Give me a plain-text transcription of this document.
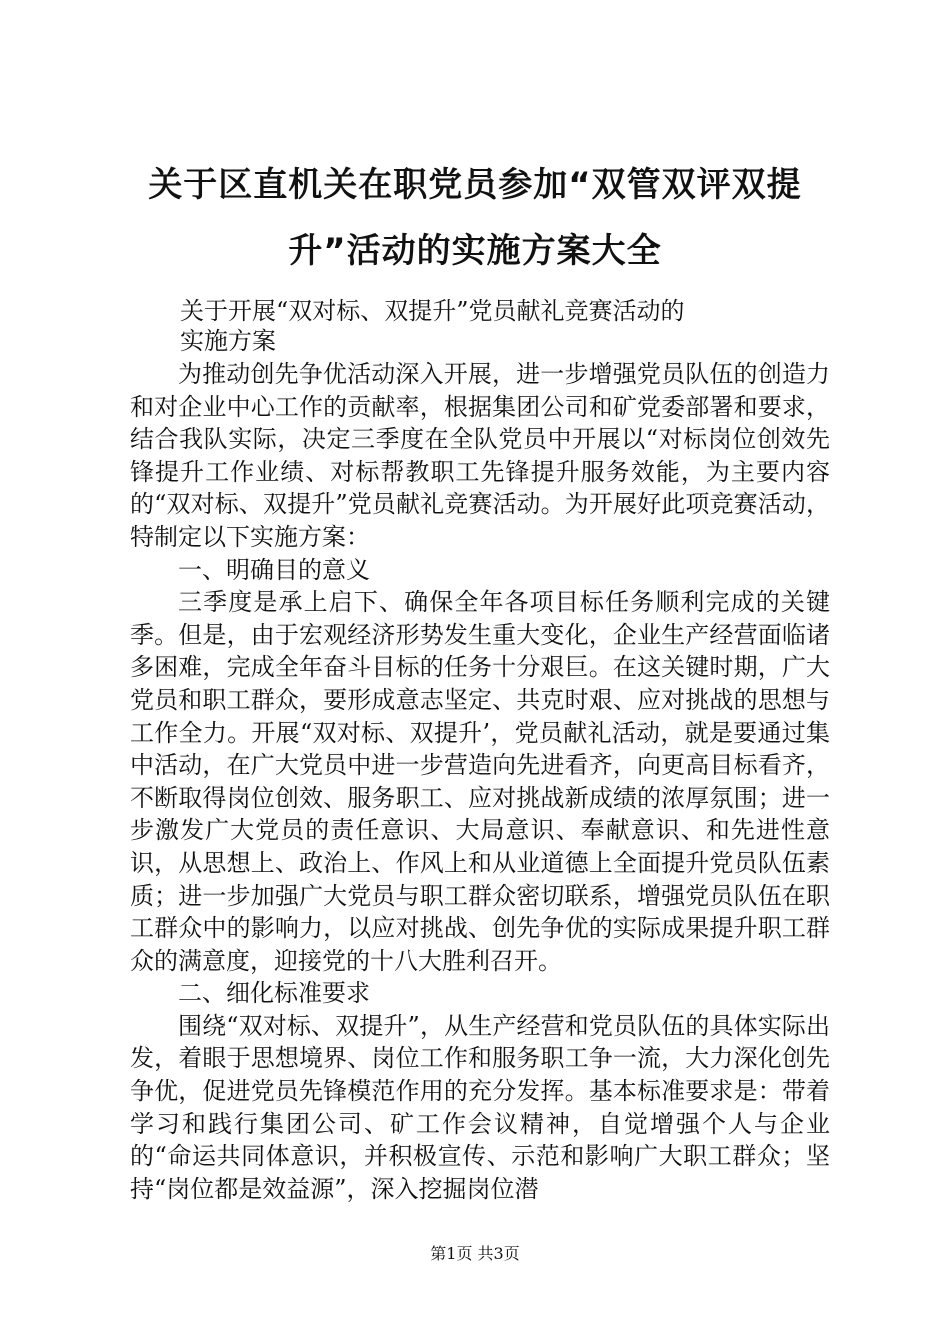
关于区直机关在职党员参加“双管双评双提
升”活动的实施方案大全
关于开展“双对标、双提升”党员献礼竞赛活动的
实施方案

为推动创先争优活动深入开展，进一步增强党员队伍的创造力和对企业中心工作的贡献率，根据集团公司和矿党委部署和要求，结合我队实际，决定三季度在全队党员中开展以“对标岗位创效先锋提升工作业绩、对标帮教职工先锋提升服务效能，为主要内容的“双对标、双提升”党员献礼竞赛活动。为开展好此项竞赛活动，特制定以下实施方案：

一、明确目的意义

三季度是承上启下、确保全年各项目标任务顺利完成的关键季。但是，由于宏观经济形势发生重大变化，企业生产经营面临诸多困难，完成全年奋斗目标的任务十分艰巨。在这关键时期，广大党员和职工群众，要形成意志坚定、共克时艰、应对挑战的思想与工作全力。开展“双对标、双提升’，党员献礼活动，就是要通过集中活动，在广大党员中进一步营造向先进看齐，向更高目标看齐，不断取得岗位创效、服务职工、应对挑战新成绩的浓厚氛围；进一步激发广大党员的责任意识、大局意识、奉献意识、和先进性意识，从思想上、政治上、作风上和从业道德上全面提升党员队伍素质；进一步加强广大党员与职工群众密切联系，增强党员队伍在职工群众中的影响力，以应对挑战、创先争优的实际成果提升职工群众的满意度，迎接党的十八大胜利召开。

二、细化标准要求

围绕“双对标、双提升”，从生产经营和党员队伍的具体实际出发，着眼于思想境界、岗位工作和服务职工争一流，大力深化创先争优，促进党员先锋模范作用的充分发挥。基本标准要求是：带着学习和践行集团公司、矿工作会议精神，自觉增强个人与企业的“命运共同体意识，并积极宣传、示范和影响广大职工群众；坚持“岗位都是效益源”，深入挖掘岗位潜

第1页 共3页
